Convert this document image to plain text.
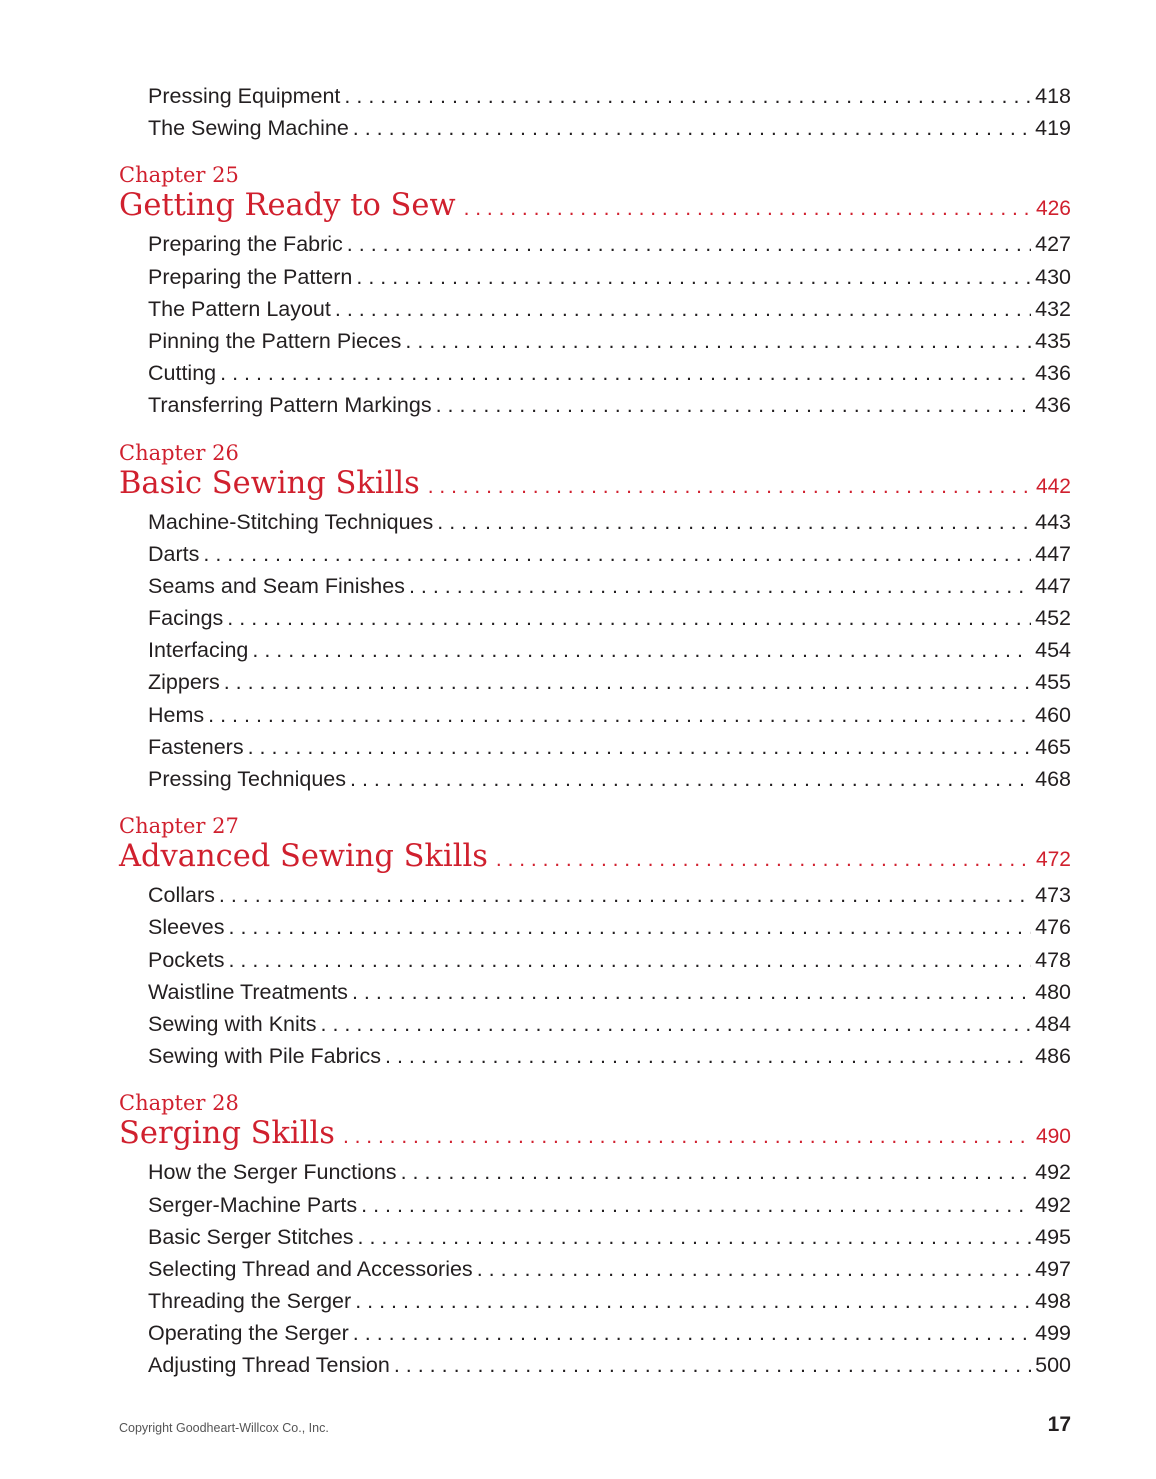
Pressing Equipment . . .	418
The Sewing Machine . . .	419
Chapter 25
Getting Ready to Sew . . .	426
Preparing the Fabric . . .	427
Preparing the Pattern . . .	430
The Pattern Layout . . .	432
Pinning the Pattern Pieces . . .	435
Cutting . . .	436
Transferring Pattern Markings . . .	436
Chapter 26
Basic Sewing Skills . . .	442
Machine-Stitching Techniques . . .	443
Darts . . .	447
Seams and Seam Finishes . . .	447
Facings . . .	452
Interfacing . . .	454
Zippers . . .	455
Hems . . .	460
Fasteners . . .	465
Pressing Techniques . . .	468
Chapter 27
Advanced Sewing Skills . . .	472
Collars . . .	473
Sleeves . . .	476
Pockets . . .	478
Waistline Treatments . . .	480
Sewing with Knits . . .	484
Sewing with Pile Fabrics . . .	486
Chapter 28
Serging Skills . . .	490
How the Serger Functions . . .	492
Serger-Machine Parts . . .	492
Basic Serger Stitches . . .	495
Selecting Thread and Accessories . . .	497
Threading the Serger . . .	498
Operating the Serger . . .	499
Adjusting Thread Tension . . .	500
Copyright Goodheart-Willcox Co., Inc.	17
